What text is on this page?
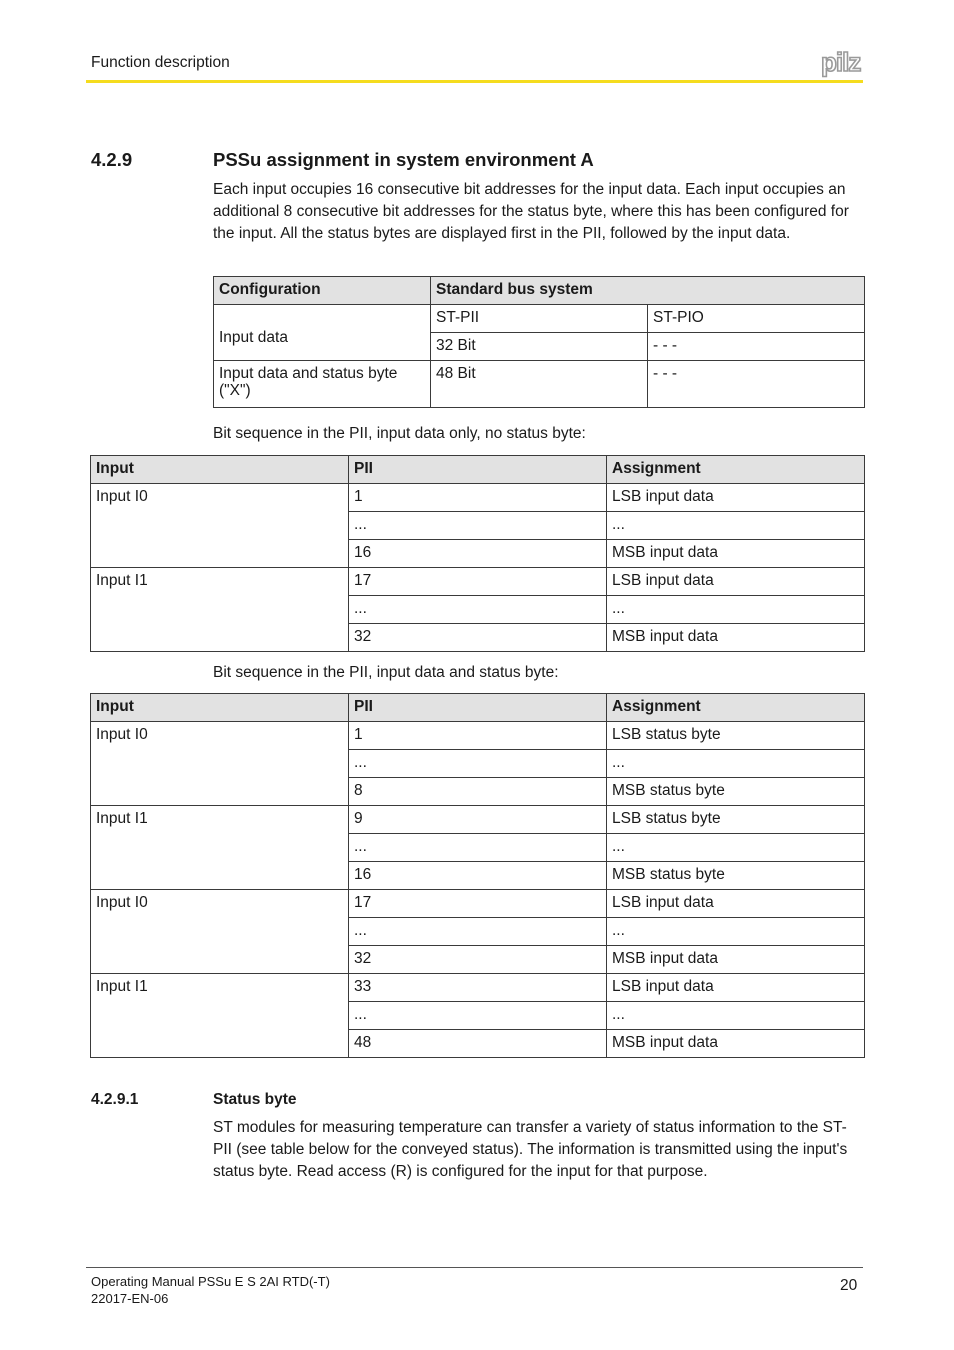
Function description	pilz
4.2.9	PSSu assignment in system environment A
Each input occupies 16 consecutive bit addresses for the input data. Each input occupies an additional 8 consecutive bit addresses for the status byte, where this has been configured for the input. All the status bytes are displayed first in the PII, followed by the input data.
Configuration	Standard bus system	
Input data	ST-PII	ST-PIO
	32 Bit	- - -
Input data and status byte ("X")	48 Bit	- - -
Bit sequence in the PII, input data only, no status byte:
Input	PII	Assignment
Input I0	1	LSB input data
	...	...
	16	MSB input data
Input I1	17	LSB input data
	...	...
	32	MSB input data
Bit sequence in the PII, input data and status byte:
Input	PII	Assignment
Input I0	1	LSB status byte
	...	...
	8	MSB status byte
Input I1	9	LSB status byte
	...	...
	16	MSB status byte
Input I0	17	LSB input data
	...	...
	32	MSB input data
Input I1	33	LSB input data
	...	...
	48	MSB input data
4.2.9.1	Status byte
ST modules for measuring temperature can transfer a variety of status information to the ST-PII (see table below for the conveyed status). The information is transmitted using the input's status byte. Read access (R) is configured for the input for that purpose.
Operating Manual PSSu E S 2AI RTD(-T)
22017-EN-06
20
